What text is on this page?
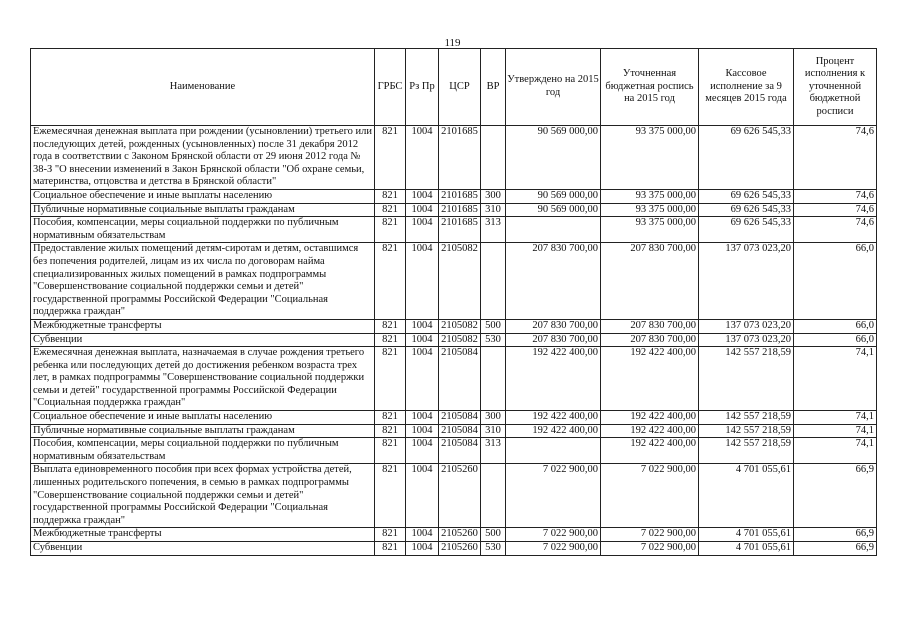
119
Наименование	ГРБС	Рз Пр	ЦСР	ВР	Утверждено на 2015 год	Уточненная бюджетная роспись на 2015 год	Кассовое исполнение за 9 месяцев 2015 года	Процент исполнения к уточненной бюджетной росписи
Ежемесячная денежная выплата при рождении (усыновлении) третьего или последующих детей, рожденных (усыновленных) после 31 декабря 2012 года в соответствии с Законом Брянской области от 29 июня 2012 года № 38-З "О внесении изменений в Закон Брянской области "Об охране семьи, материнства, отцовства и детства в Брянской области"	821	1004	2101685		90 569 000,00	93 375 000,00	69 626 545,33	74,6
Социальное обеспечение и иные выплаты населению	821	1004	2101685	300	90 569 000,00	93 375 000,00	69 626 545,33	74,6
Публичные нормативные социальные выплаты гражданам	821	1004	2101685	310	90 569 000,00	93 375 000,00	69 626 545,33	74,6
Пособия, компенсации, меры социальной поддержки по публичным нормативным обязательствам	821	1004	2101685	313		93 375 000,00	69 626 545,33	74,6
Предоставление жилых помещений детям-сиротам и детям, оставшимся без попечения родителей, лицам из их числа по договорам найма специализированных жилых помещений в рамках подпрограммы "Совершенствование социальной поддержки семьи и детей" государственной программы Российской Федерации "Социальная поддержка граждан"	821	1004	2105082		207 830 700,00	207 830 700,00	137 073 023,20	66,0
Межбюджетные трансферты	821	1004	2105082	500	207 830 700,00	207 830 700,00	137 073 023,20	66,0
Субвенции	821	1004	2105082	530	207 830 700,00	207 830 700,00	137 073 023,20	66,0
Ежемесячная денежная выплата, назначаемая в случае рождения третьего ребенка или последующих детей до достижения ребенком возраста трех лет, в рамках подпрограммы "Совершенствование социальной поддержки семьи и детей" государственной программы Российской Федерации "Социальная поддержка граждан"	821	1004	2105084		192 422 400,00	192 422 400,00	142 557 218,59	74,1
Социальное обеспечение и иные выплаты населению	821	1004	2105084	300	192 422 400,00	192 422 400,00	142 557 218,59	74,1
Публичные нормативные социальные выплаты гражданам	821	1004	2105084	310	192 422 400,00	192 422 400,00	142 557 218,59	74,1
Пособия, компенсации, меры социальной поддержки по публичным нормативным обязательствам	821	1004	2105084	313		192 422 400,00	142 557 218,59	74,1
Выплата единовременного пособия при всех формах устройства детей, лишенных родительского попечения, в семью в рамках подпрограммы "Совершенствование социальной поддержки семьи и детей" государственной программы Российской Федерации "Социальная поддержка граждан"	821	1004	2105260		7 022 900,00	7 022 900,00	4 701 055,61	66,9
Межбюджетные трансферты	821	1004	2105260	500	7 022 900,00	7 022 900,00	4 701 055,61	66,9
Субвенции	821	1004	2105260	530	7 022 900,00	7 022 900,00	4 701 055,61	66,9
